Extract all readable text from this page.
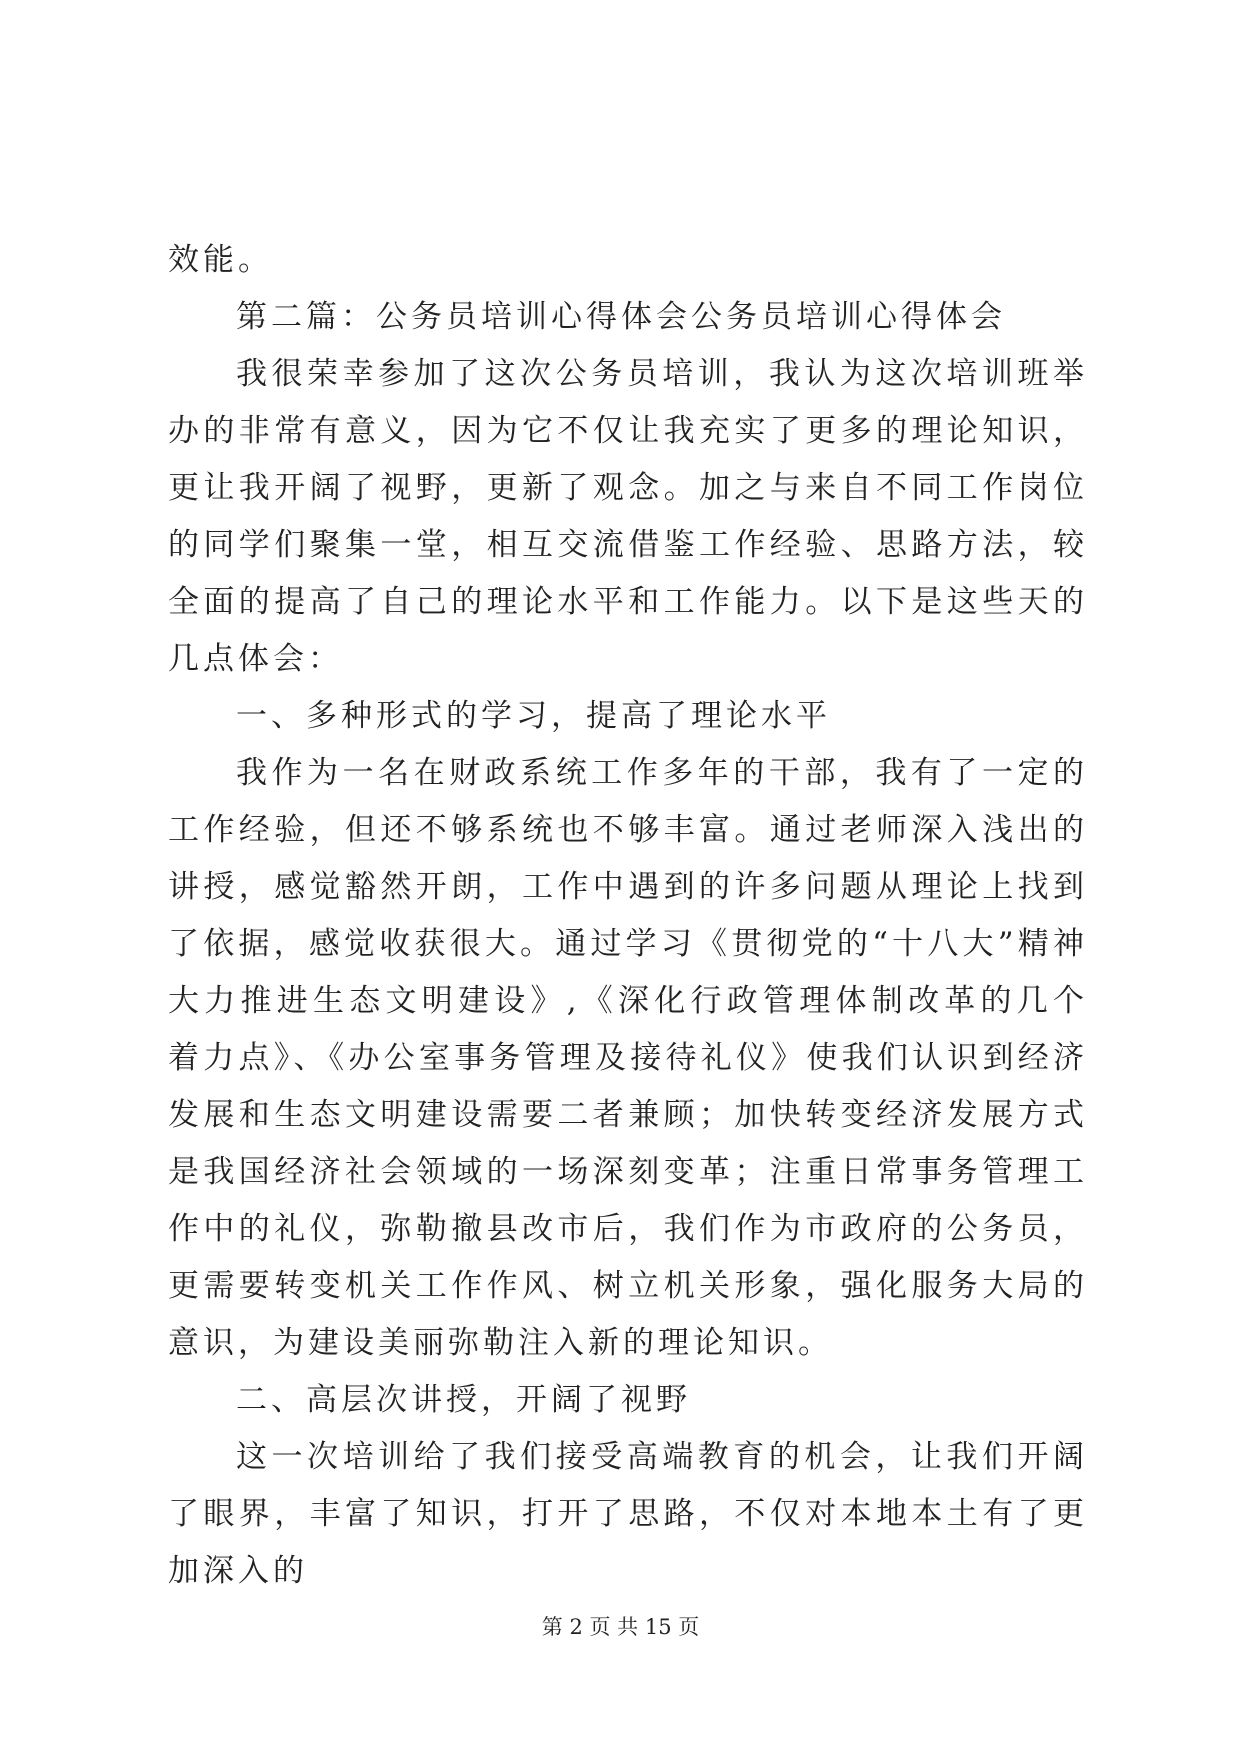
效能。

第二篇：公务员培训心得体会公务员培训心得体会

我很荣幸参加了这次公务员培训，我认为这次培训班举办的非常有意义，因为它不仅让我充实了更多的理论知识，更让我开阔了视野，更新了观念。加之与来自不同工作岗位的同学们聚集一堂，相互交流借鉴工作经验、思路方法，较全面的提高了自己的理论水平和工作能力。以下是这些天的几点体会：

一、多种形式的学习，提高了理论水平

我作为一名在财政系统工作多年的干部，我有了一定的工作经验，但还不够系统也不够丰富。通过老师深入浅出的讲授，感觉豁然开朗，工作中遇到的许多问题从理论上找到了依据，感觉收获很大。通过学习《贯彻党的“十八大”精神大力推进生态文明建设》,《深化行政管理体制改革的几个着力点》、《办公室事务管理及接待礼仪》使我们认识到经济发展和生态文明建设需要二者兼顾；加快转变经济发展方式是我国经济社会领域的一场深刻变革；注重日常事务管理工作中的礼仪，弥勒撤县改市后，我们作为市政府的公务员，更需要转变机关工作作风、树立机关形象，强化服务大局的意识，为建设美丽弥勒注入新的理论知识。

二、高层次讲授，开阔了视野

这一次培训给了我们接受高端教育的机会，让我们开阔了眼界，丰富了知识，打开了思路，不仅对本地本土有了更加深入的

第 2 页 共 15 页
